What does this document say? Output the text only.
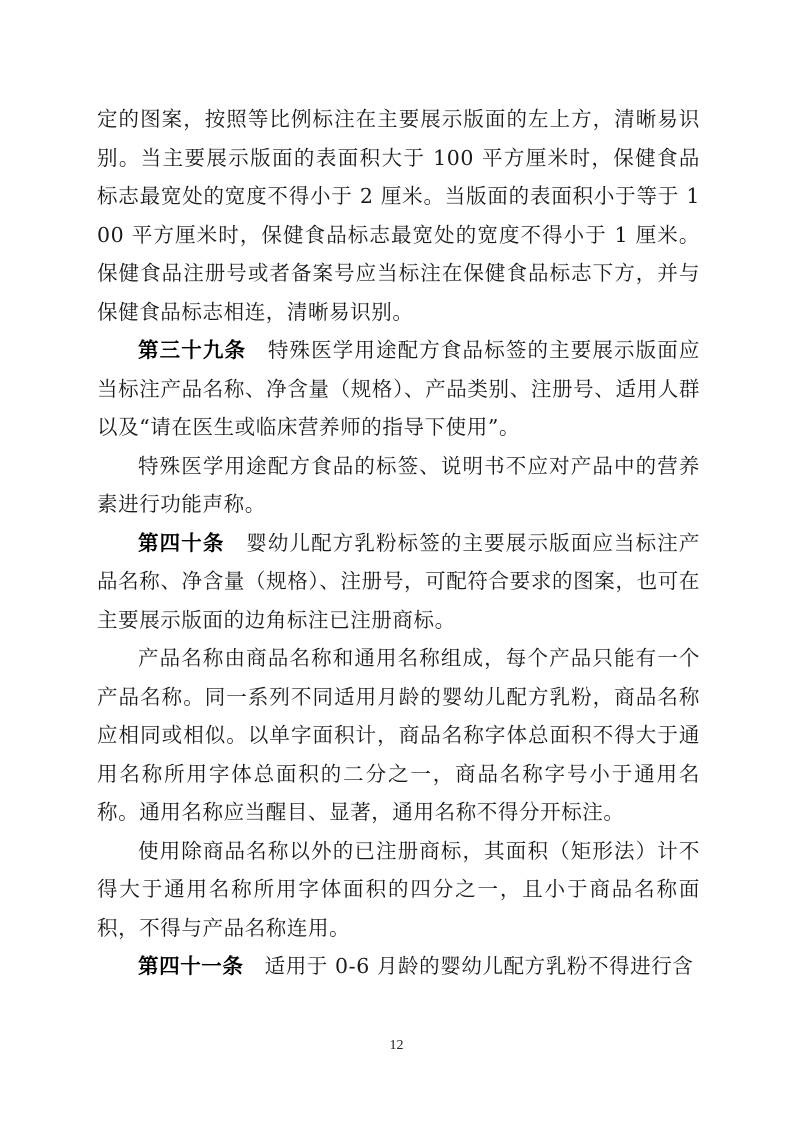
定的图案，按照等比例标注在主要展示版面的左上方，清晰易识别。当主要展示版面的表面积大于 100 平方厘米时，保健食品标志最宽处的宽度不得小于 2 厘米。当版面的表面积小于等于 100 平方厘米时，保健食品标志最宽处的宽度不得小于 1 厘米。保健食品注册号或者备案号应当标注在保健食品标志下方，并与保健食品标志相连，清晰易识别。

第三十九条  特殊医学用途配方食品标签的主要展示版面应当标注产品名称、净含量（规格）、产品类别、注册号、适用人群以及“请在医生或临床营养师的指导下使用”。

特殊医学用途配方食品的标签、说明书不应对产品中的营养素进行功能声称。

第四十条  婴幼儿配方乳粉标签的主要展示版面应当标注产品名称、净含量（规格）、注册号，可配符合要求的图案，也可在主要展示版面的边角标注已注册商标。

产品名称由商品名称和通用名称组成，每个产品只能有一个产品名称。同一系列不同适用月龄的婴幼儿配方乳粉，商品名称应相同或相似。以单字面积计，商品名称字体总面积不得大于通用名称所用字体总面积的二分之一，商品名称字号小于通用名称。通用名称应当醒目、显著，通用名称不得分开标注。

使用除商品名称以外的已注册商标，其面积（矩形法）计不得大于通用名称所用字体面积的四分之一，且小于商品名称面积，不得与产品名称连用。

第四十一条  适用于 0-6 月龄的婴幼儿配方乳粉不得进行含

12
